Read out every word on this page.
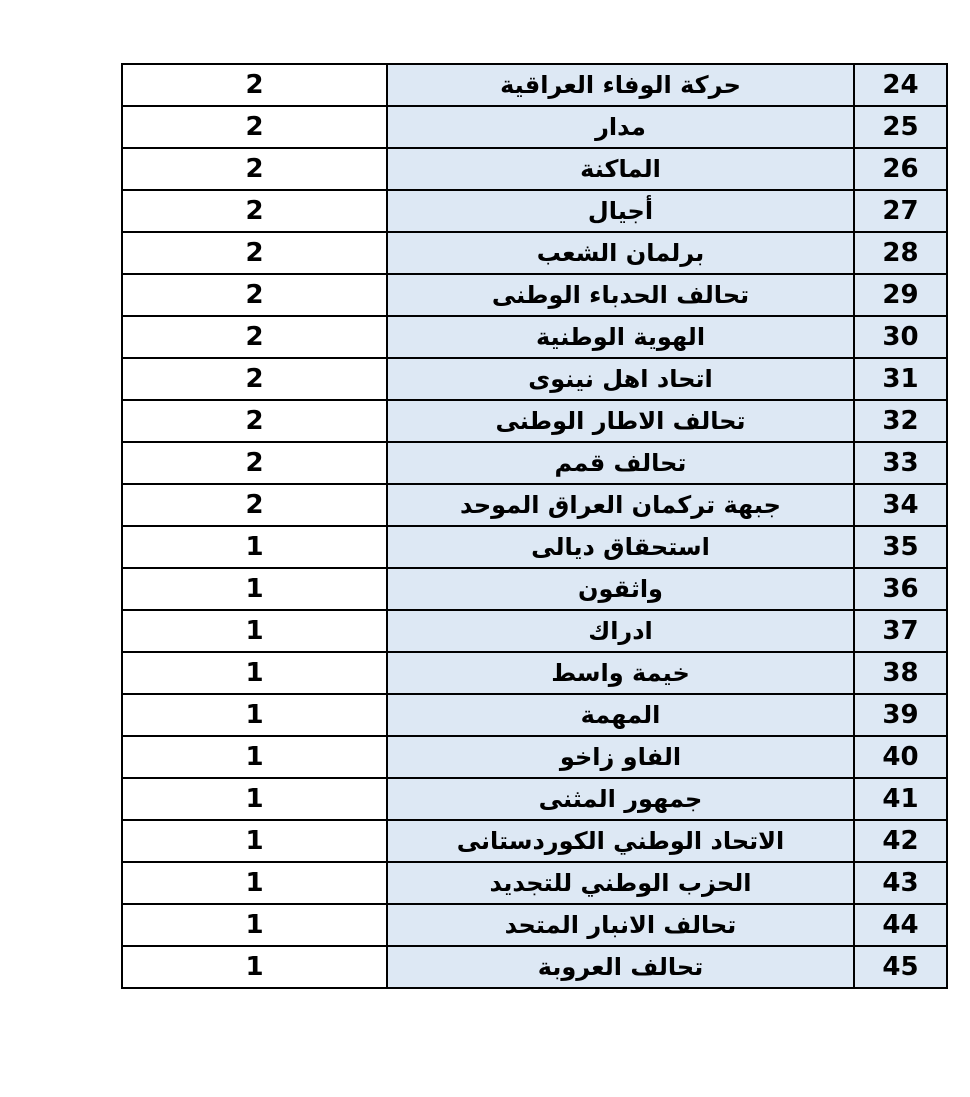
2	حركة الوفاء العراقية	24
2	مدار	25
2	الماكنة	26
2	أجيال	27
2	برلمان الشعب	28
2	تحالف الحدباء الوطنى	29
2	الهوية الوطنية	30
2	اتحاد اهل نينوى	31
2	تحالف الاطار الوطنى	32
2	تحالف قمم	33
2	جبهة تركمان العراق الموحد	34
1	استحقاق ديالى	35
1	واثقون	36
1	ادراك	37
1	خيمة واسط	38
1	المهمة	39
1	الفاو زاخو	40
1	جمهور المثنى	41
1	الاتحاد الوطني الكوردستانى	42
1	الحزب الوطني للتجديد	43
1	تحالف الانبار المتحد	44
1	تحالف العروبة	45
